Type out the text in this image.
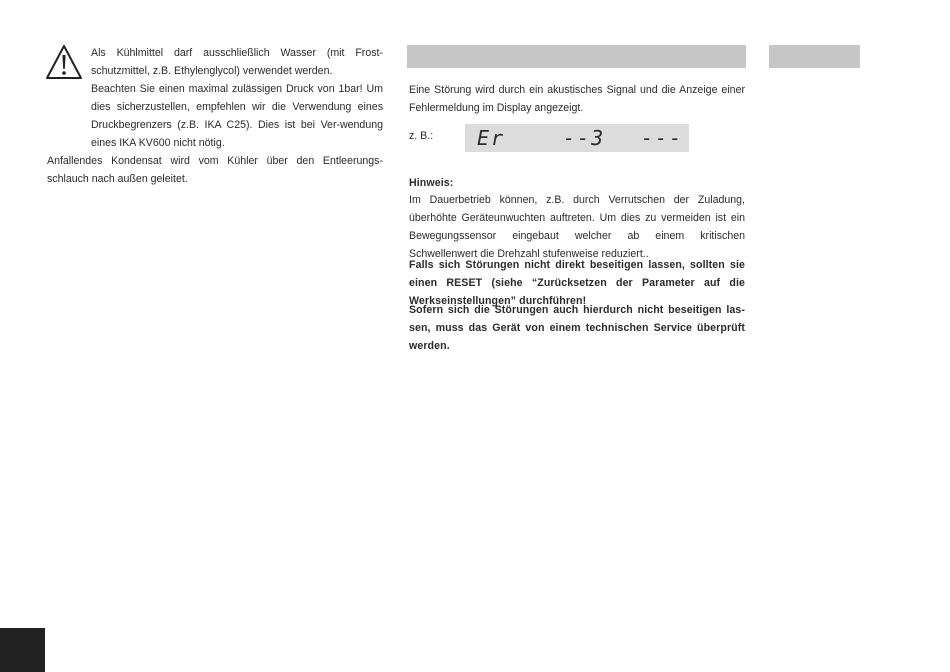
Als Kühlmittel darf ausschließlich Wasser (mit Frost-schutzmittel, z.B. Ethylenglycol) verwendet werden.

Beachten Sie einen maximal zulässigen Druck von 1bar! Um dies sicherzustellen, empfehlen wir die Verwendung eines Druckbegrenzers (z.B. IKA C25). Dies ist bei Ver-wendung eines IKA KV600 nicht nötig.

Anfallendes Kondensat wird vom Kühler über den Entleerungs-schlauch nach außen geleitet.

Eine Störung wird durch ein akustisches Signal und die Anzeige einer Fehlermeldung im Display angezeigt.

z. B.:	Er	--3 ---

Hinweis:

Im Dauerbetrieb können, z.B. durch Verrutschen der Zuladung, überhöhte Geräteunwuchten auftreten. Um dies zu vermeiden ist ein Bewegungssensor eingebaut welcher ab einem kritischen Schwellenwert die Drehzahl stufenweise reduziert..

Falls sich Störungen nicht direkt beseitigen lassen, sollten sie einen RESET (siehe “Zurücksetzen der Parameter auf die Werkseinstellungen” durchführen!

Sofern sich die Störungen auch hierdurch nicht beseitigen las-sen, muss das Gerät von einem technischen Service überprüft werden.
